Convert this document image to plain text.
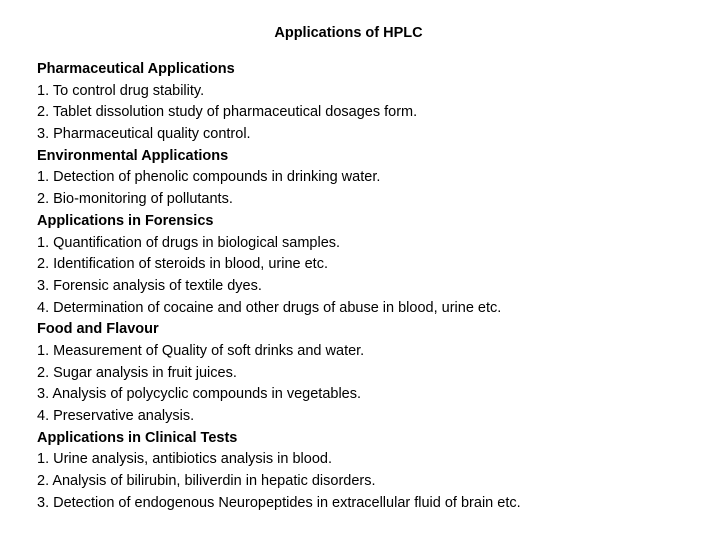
Applications of HPLC
Pharmaceutical Applications
1. To control drug stability.
2. Tablet dissolution study of pharmaceutical dosages form.
3. Pharmaceutical quality control.
Environmental Applications
1. Detection of phenolic compounds in drinking water.
2. Bio-monitoring of pollutants.
Applications in Forensics
1. Quantification of drugs in biological samples.
2. Identification of steroids in blood, urine etc.
3. Forensic analysis of textile dyes.
4. Determination of cocaine and other drugs of abuse in blood, urine etc.
Food and Flavour
1. Measurement of Quality of soft drinks and water.
2. Sugar analysis in fruit juices.
3. Analysis of polycyclic compounds in vegetables.
4. Preservative analysis.
Applications in Clinical Tests
1. Urine analysis, antibiotics analysis in blood.
2. Analysis of bilirubin, biliverdin in hepatic disorders.
3. Detection of endogenous Neuropeptides in extracellular fluid of brain etc.
